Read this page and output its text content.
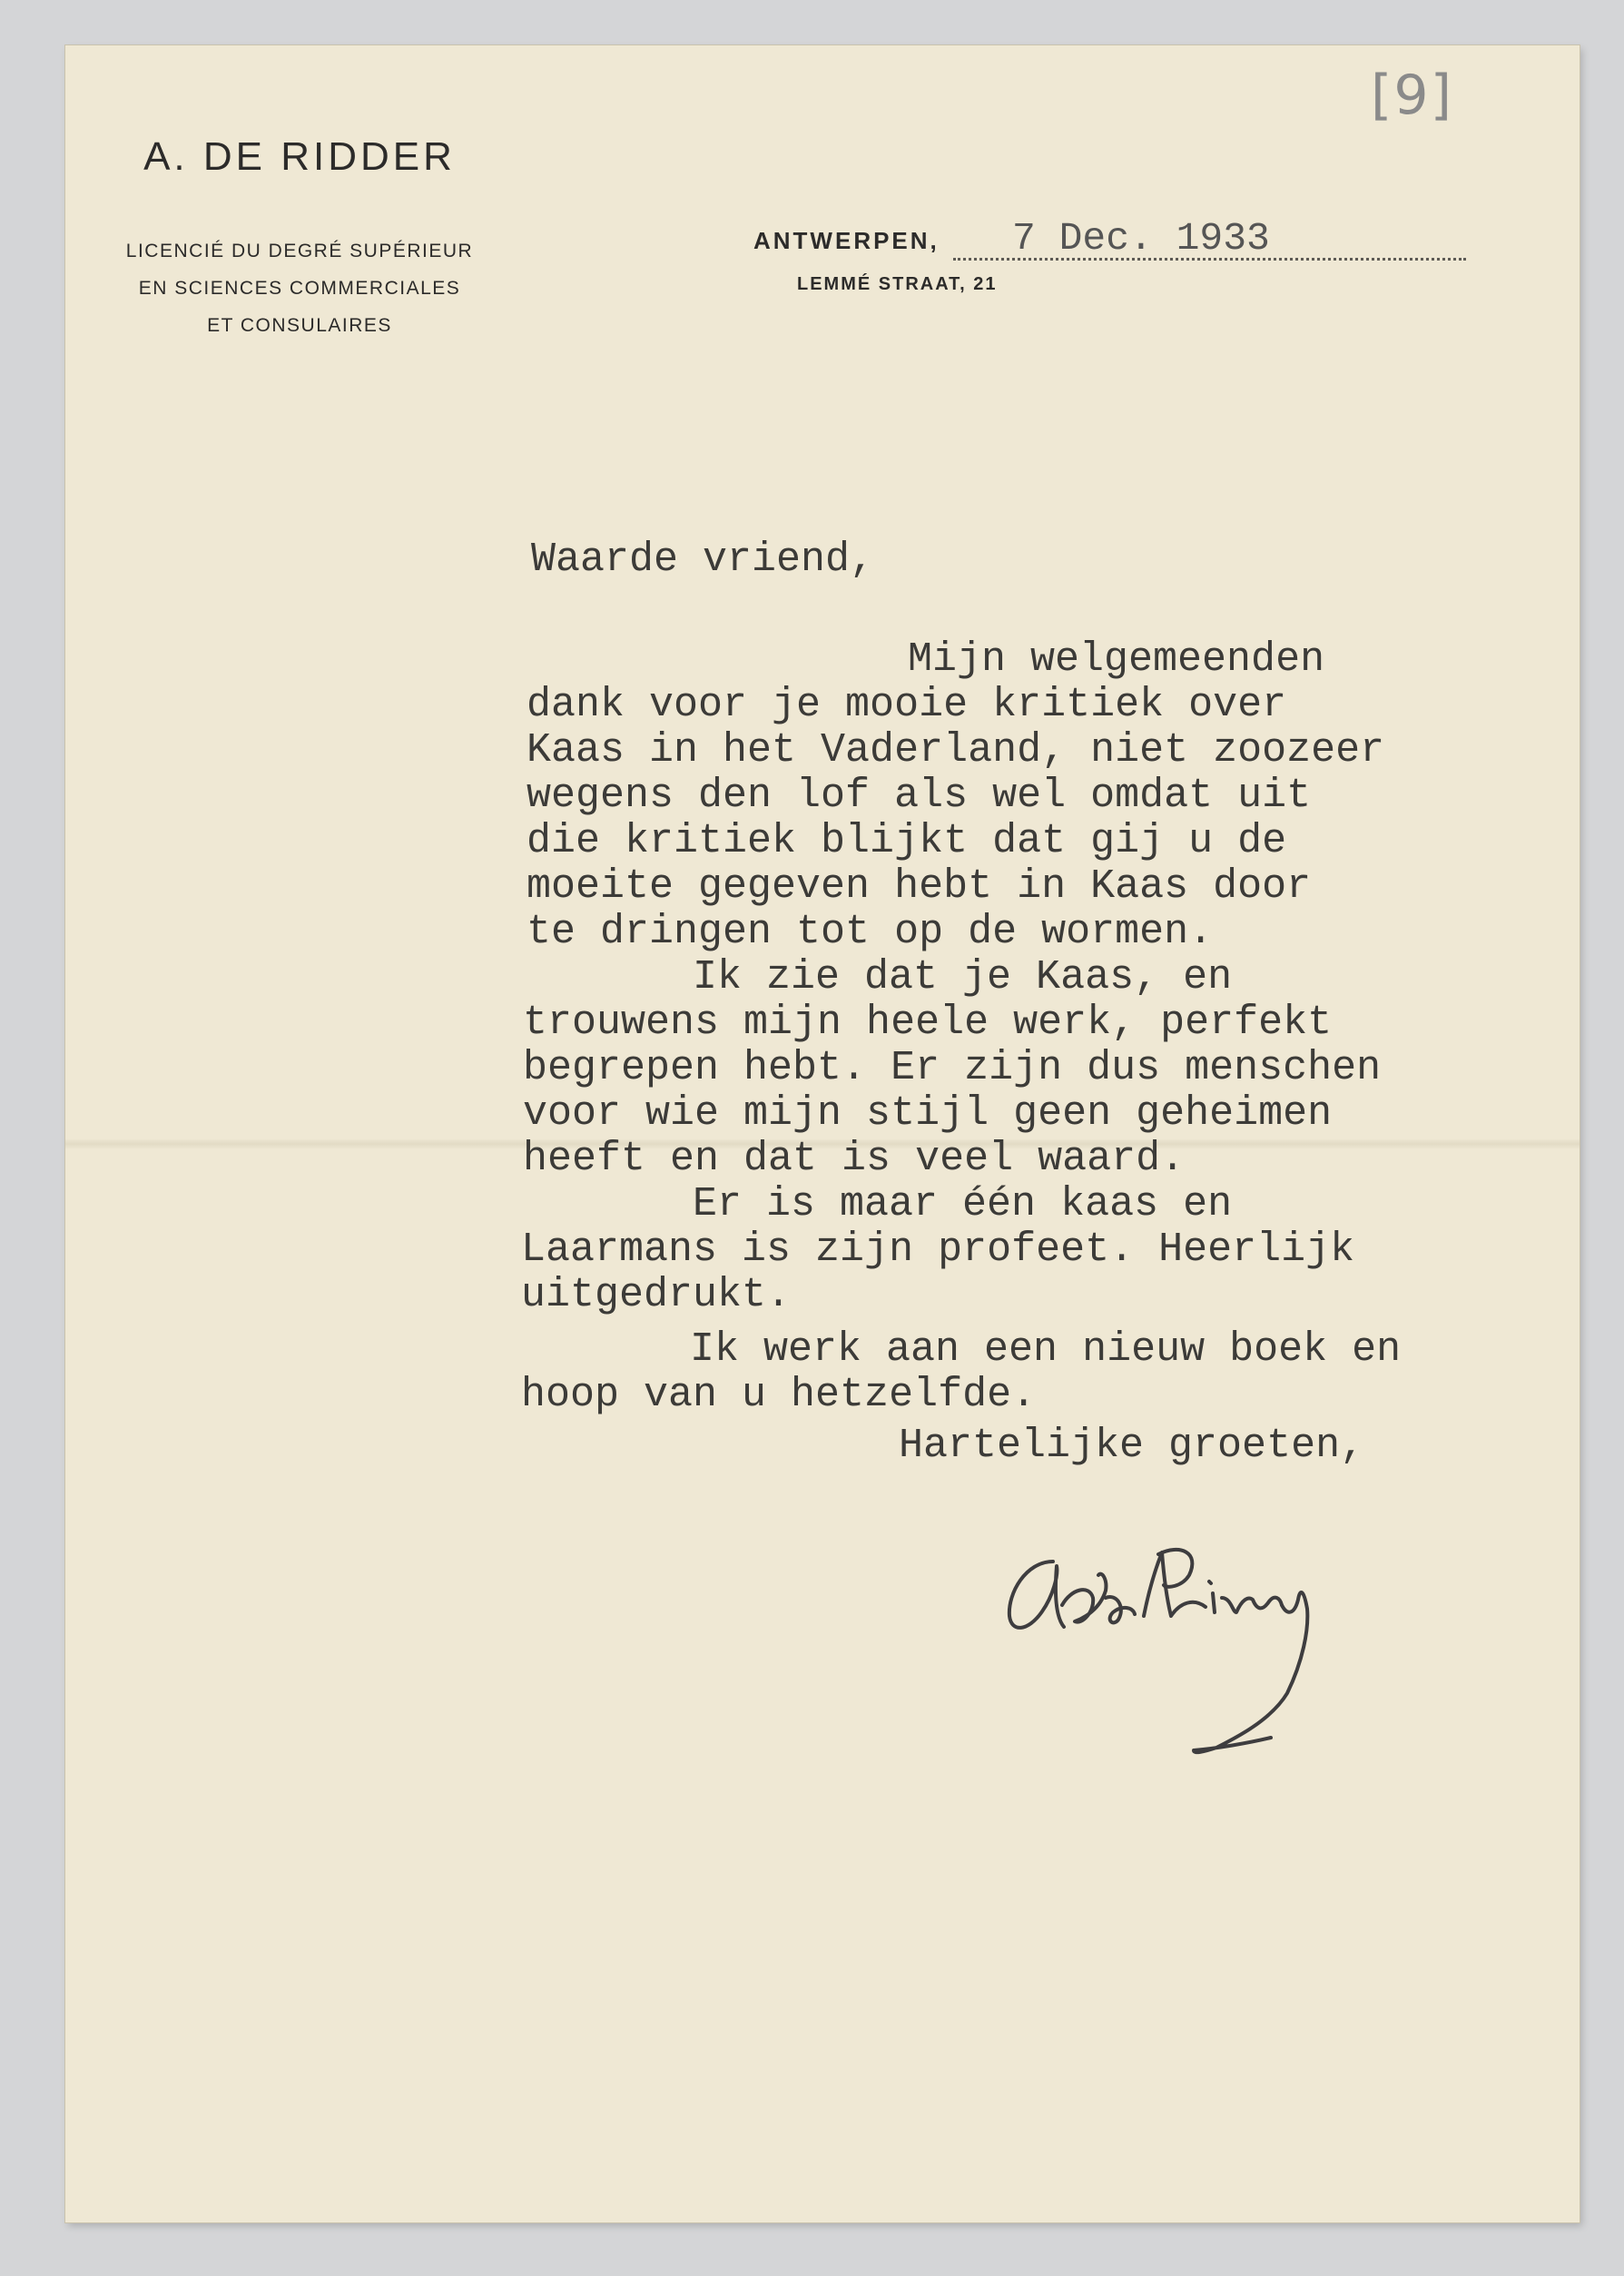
[9]
A. DE RIDDER
LICENCIÉ DU DEGRÉ SUPÉRIEUR
EN SCIENCES COMMERCIALES
ET CONSULAIRES
ANTWERPEN,
LEMMÉ STRAAT, 21
7 Dec. 1933
Waarde vriend,
Mijn welgemeenden
dank voor je mooie kritiek over
Kaas in het Vaderland, niet zoozeer
wegens den lof als wel omdat uit
die kritiek blijkt dat gij u de
moeite gegeven hebt in Kaas door
te dringen tot op de wormen.
Ik zie dat je Kaas, en
trouwens mijn heele werk, perfekt
begrepen hebt. Er zijn dus menschen
voor wie mijn stijl geen geheimen
heeft en dat is veel waard.
Er is maar één kaas en
Laarmans is zijn profeet. Heerlijk
uitgedrukt.
Ik werk aan een nieuw boek en
hoop van u hetzelfde.
Hartelijke groeten,
